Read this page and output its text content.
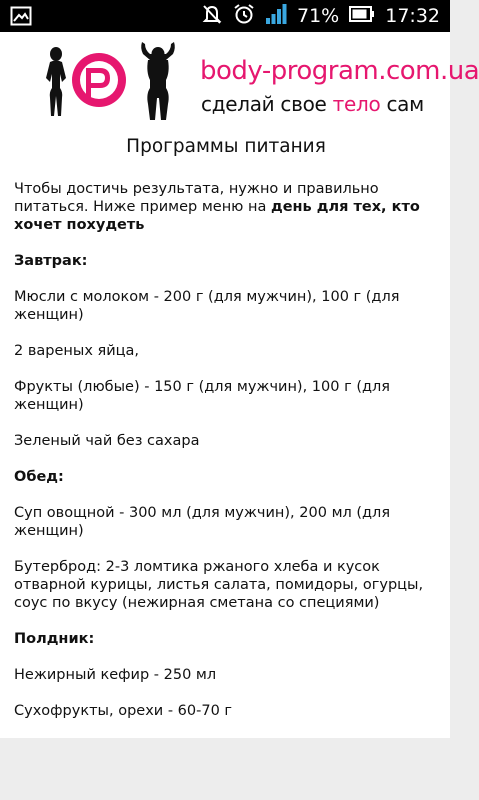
71% 17:32
body-program.com.ua
сделай свое тело сам
Программы питания

Чтобы достичь результата, нужно и правильно питаться. Ниже пример меню на день для тех, кто хочет похудеть

Завтрак:

Мюсли с молоком - 200 г (для мужчин), 100 г (для женщин)

2 вареных яйца,

Фрукты (любые) - 150 г (для мужчин), 100 г (для женщин)

Зеленый чай без сахара

Обед:

Суп овощной - 300 мл (для мужчин), 200 мл (для женщин)

Бутерброд: 2-3 ломтика ржаного хлеба и кусок отварной курицы, листья салата, помидоры, огурцы, соус по вкусу (нежирная сметана со специями)

Полдник:

Нежирный кефир - 250 мл

Сухофрукты, орехи - 60-70 г
